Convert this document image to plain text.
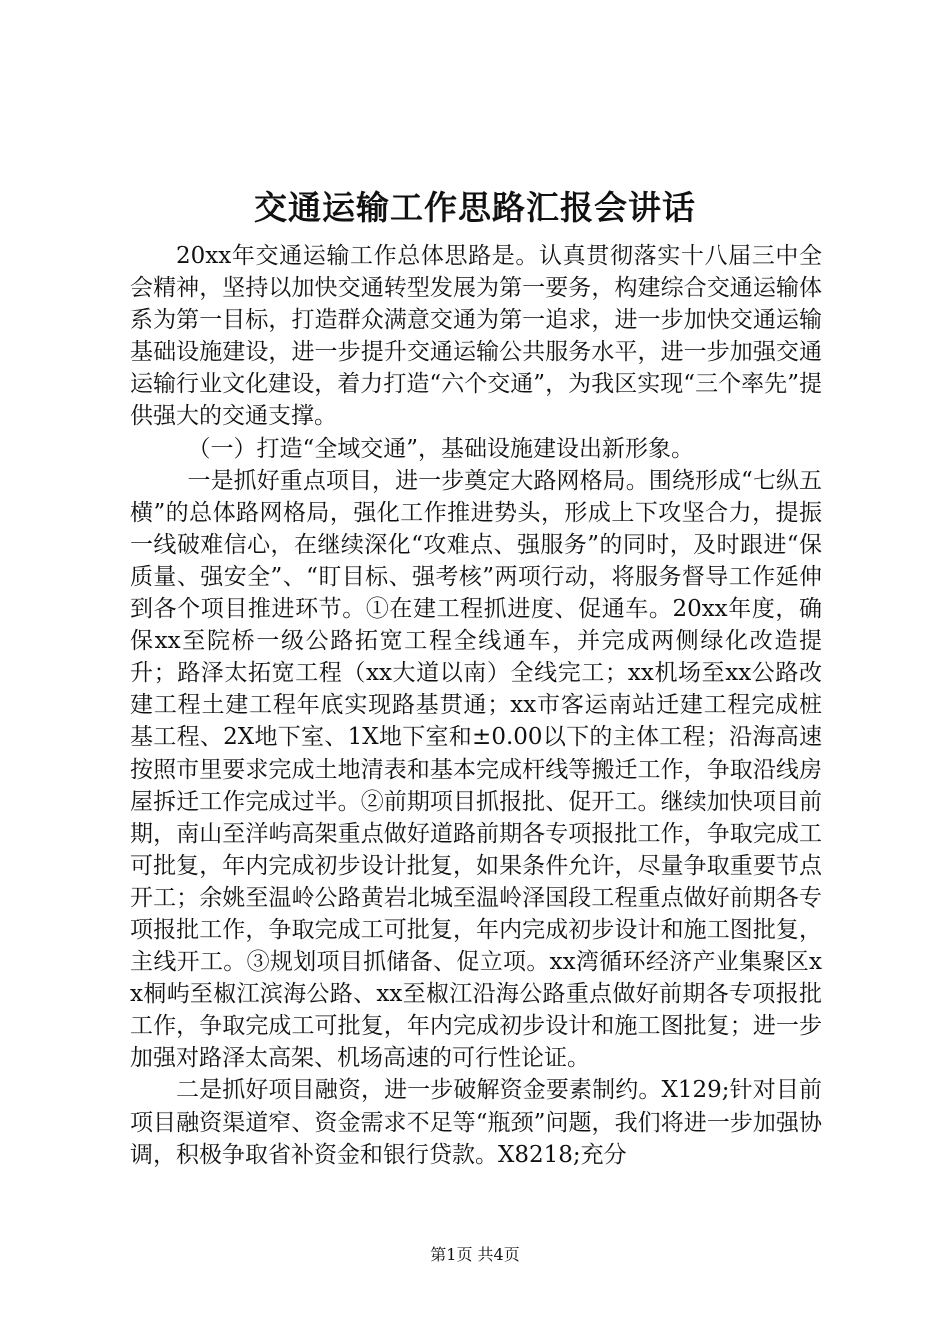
交通运输工作思路汇报会讲话

20xx年交通运输工作总体思路是。认真贯彻落实十八届三中全会精神，坚持以加快交通转型发展为第一要务，构建综合交通运输体系为第一目标，打造群众满意交通为第一追求，进一步加快交通运输基础设施建设，进一步提升交通运输公共服务水平，进一步加强交通运输行业文化建设，着力打造“六个交通”，为我区实现“三个率先”提供强大的交通支撑。

（一）打造“全域交通”，基础设施建设出新形象。

一是抓好重点项目，进一步奠定大路网格局。围绕形成“七纵五横”的总体路网格局，强化工作推进势头，形成上下攻坚合力，提振一线破难信心，在继续深化“攻难点、强服务”的同时，及时跟进“保质量、强安全”、“盯目标、强考核”两项行动，将服务督导工作延伸到各个项目推进环节。①在建工程抓进度、促通车。20xx年度，确保xx至院桥一级公路拓宽工程全线通车，并完成两侧绿化改造提升；路泽太拓宽工程（xx大道以南）全线完工；xx机场至xx公路改建工程土建工程年底实现路基贯通；xx市客运南站迁建工程完成桩基工程、2X地下室、1X地下室和±0.00以下的主体工程；沿海高速按照市里要求完成土地清表和基本完成杆线等搬迁工作，争取沿线房屋拆迁工作完成过半。②前期项目抓报批、促开工。继续加快项目前期，南山至洋屿高架重点做好道路前期各专项报批工作，争取完成工可批复，年内完成初步设计批复，如果条件允许，尽量争取重要节点开工；余姚至温岭公路黄岩北城至温岭泽国段工程重点做好前期各专项报批工作，争取完成工可批复，年内完成初步设计和施工图批复，主线开工。③规划项目抓储备、促立项。xx湾循环经济产业集聚区xx桐屿至椒江滨海公路、xx至椒江沿海公路重点做好前期各专项报批工作，争取完成工可批复，年内完成初步设计和施工图批复；进一步加强对路泽太高架、机场高速的可行性论证。

二是抓好项目融资，进一步破解资金要素制约。X129;针对目前项目融资渠道窄、资金需求不足等“瓶颈”问题，我们将进一步加强协调，积极争取省补资金和银行贷款。X8218;充分

第1页 共4页
